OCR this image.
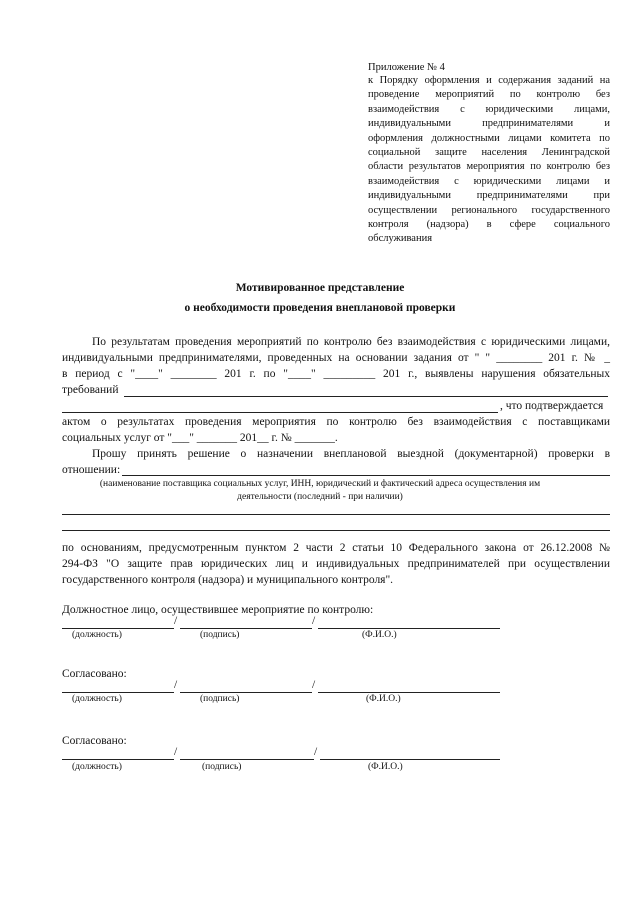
Приложение № 4
к Порядку оформления и содержания заданий на проведение мероприятий по контролю без взаимодействия с юридическими лицами, индивидуальными предпринимателями и оформления должностными лицами комитета по социальной защите населения Ленинградской области результатов мероприятия по контролю без взаимодействия с юридическими лицами и индивидуальными предпринимателями при осуществлении регионального государственного контроля (надзора) в сфере социального обслуживания
Мотивированное представление
о необходимости проведения внеплановой проверки
По результатам проведения мероприятий по контролю без взаимодействия с юридическими лицами,
индивидуальными предпринимателями, проведенных на основании задания от " " ________ 201 г. № _
в период с "____" ________ 201 г. по "____" _________ 201 г., выявлены нарушения обязательных
требований
, что подтверждается
актом о результатах проведения мероприятия по контролю без взаимодействия с поставщиками
социальных услуг от "___" _______ 201__ г. № _______.
Прошу принять решение о назначении внеплановой выездной (документарной) проверки в
отношении:
(наименование поставщика социальных услуг, ИНН, юридический и фактический адреса осуществления им
деятельности (последний - при наличии)
по основаниям, предусмотренным пунктом 2 части 2 статьи 10 Федерального закона от 26.12.2008 №
294-ФЗ "О защите прав юридических лиц и индивидуальных предпринимателей при осуществлении
государственного контроля (надзора) и муниципального контроля".
Должностное лицо, осуществившее мероприятие по контролю:
/	/
(должность)	(подпись)	(Ф.И.О.)
Согласовано:
/	/
(должность)	(подпись)	(Ф.И.О.)
Согласовано:
/	/
(должность)	(подпись)	(Ф.И.О.)
